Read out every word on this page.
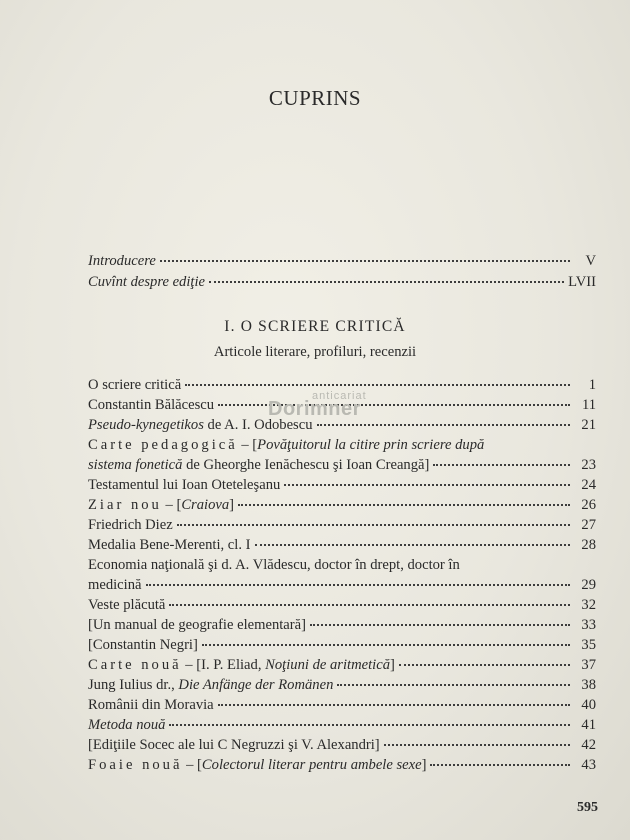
CUPRINS
Introducere	V
Cuvînt despre ediţie	LVII
I. O SCRIERE CRITICĂ
Articole literare, profiluri, recenzii
O scriere critică	1
Constantin Bălăcescu	11
Pseudo-kynegetikos de A. I. Odobescu	21
Carte pedagogică – [Povăţuitorul la citire prin scriere după
sistema fonetică de Gheorghe Ienăchescu şi Ioan Creangă]	23
Testamentul lui Ioan Oteteleşanu	24
Ziar nou – [Craiova]	26
Friedrich Diez	27
Medalia Bene-Merenti, cl. I	28
Economia naţională şi d. A. Vlădescu, doctor în drept, doctor în
medicină	29
Veste plăcută	32
[Un manual de geografie elementară]	33
[Constantin Negri]	35
Carte nouă – [I. P. Eliad, Noţiuni de aritmetică]	37
Jung Iulius dr., Die Anfänge der Romänen	38
Românii din Moravia	40
Metoda nouă	41
[Ediţiile Socec ale lui C Negruzzi şi V. Alexandri]	42
Foaie nouă – [Colectorul literar pentru ambele sexe]	43
anticariat
Dorimner
595
